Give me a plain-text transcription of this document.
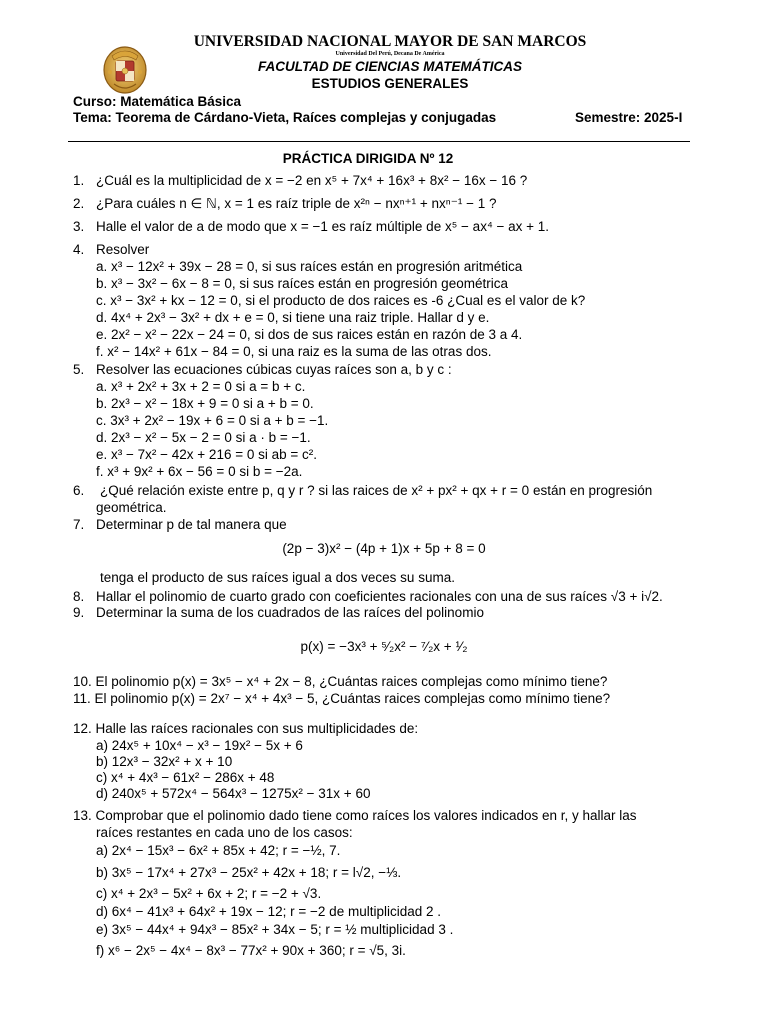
UNIVERSIDAD NACIONAL MAYOR DE SAN MARCOS
Universidad Del Perú, Decana De América
FACULTAD DE CIENCIAS MATEMÁTICAS
ESTUDIOS GENERALES
Curso: Matemática Básica
Tema: Teorema de Cárdano-Vieta, Raíces complejas y conjugadas	Semestre: 2025-I
PRÁCTICA DIRIGIDA Nº 12
1. ¿Cuál es la multiplicidad de x = −2 en x⁵ + 7x⁴ + 16x³ + 8x² − 16x − 16 ?
2. ¿Para cuáles n ∈ ℕ, x = 1 es raíz triple de x²ⁿ − nxⁿ⁺¹ + nxⁿ⁻¹ − 1 ?
3. Halle el valor de a de modo que x = −1 es raíz múltiple de x⁵ − ax⁴ − ax + 1.
4. Resolver
a. x³ − 12x² + 39x − 28 = 0, si sus raíces están en progresión aritmética
b. x³ − 3x² − 6x − 8 = 0, si sus raíces están en progresión geométrica
c. x³ − 3x² + kx − 12 = 0, si el producto de dos raices es -6 ¿Cual es el valor de k?
d. 4x⁴ + 2x³ − 3x² + dx + e = 0, si tiene una raiz triple. Hallar d y e.
e. 2x² − x² − 22x − 24 = 0, si dos de sus raices están en razón de 3 a 4.
f. x² − 14x² + 61x − 84 = 0, si una raiz es la suma de las otras dos.
5. Resolver las ecuaciones cúbicas cuyas raíces son a, b y c :
a. x³ + 2x² + 3x + 2 = 0 si a = b + c.
b. 2x³ − x² − 18x + 9 = 0 si a + b = 0.
c. 3x³ + 2x² − 19x + 6 = 0 si a + b = −1.
d. 2x³ − x² − 5x − 2 = 0 si a · b = −1.
e. x³ − 7x² − 42x + 216 = 0 si ab = c².
f. x³ + 9x² + 6x − 56 = 0 si b = −2a.
6. ¿Qué relación existe entre p, q y r ? si las raices de x² + px² + qx + r = 0 están en progresión
geométrica.
7. Determinar p de tal manera que
(2p − 3)x² − (4p + 1)x + 5p + 8 = 0
tenga el producto de sus raíces igual a dos veces su suma.
8. Hallar el polinomio de cuarto grado con coeficientes racionales con una de sus raíces √3 + i√2.
9. Determinar la suma de los cuadrados de las raíces del polinomio
p(x) = −3x³ + ⁵⁄₂x² − ⁷⁄₂x + ¹⁄₂
10. El polinomio p(x) = 3x⁵ − x⁴ + 2x − 8, ¿Cuántas raices complejas como mínimo tiene?
11. El polinomio p(x) = 2x⁷ − x⁴ + 4x³ − 5, ¿Cuántas raices complejas como mínimo tiene?
12. Halle las raíces racionales con sus multiplicidades de:
a) 24x⁵ + 10x⁴ − x³ − 19x² − 5x + 6
b) 12x³ − 32x² + x + 10
c) x⁴ + 4x³ − 61x² − 286x + 48
d) 240x⁵ + 572x⁴ − 564x³ − 1275x² − 31x + 60
13. Comprobar que el polinomio dado tiene como raíces los valores indicados en r, y hallar las
raíces restantes en cada uno de los casos:
a) 2x⁴ − 15x³ − 6x² + 85x + 42; r = −½, 7.
b) 3x⁵ − 17x⁴ + 27x³ − 25x² + 42x + 18; r = l√2, −⅓.
c) x⁴ + 2x³ − 5x² + 6x + 2; r = −2 + √3.
d) 6x⁴ − 41x³ + 64x² + 19x − 12; r = −2 de multiplicidad 2 .
e) 3x⁵ − 44x⁴ + 94x³ − 85x² + 34x − 5; r = ½ multiplicidad 3 .
f) x⁶ − 2x⁵ − 4x⁴ − 8x³ − 77x² + 90x + 360; r = √5, 3i.
